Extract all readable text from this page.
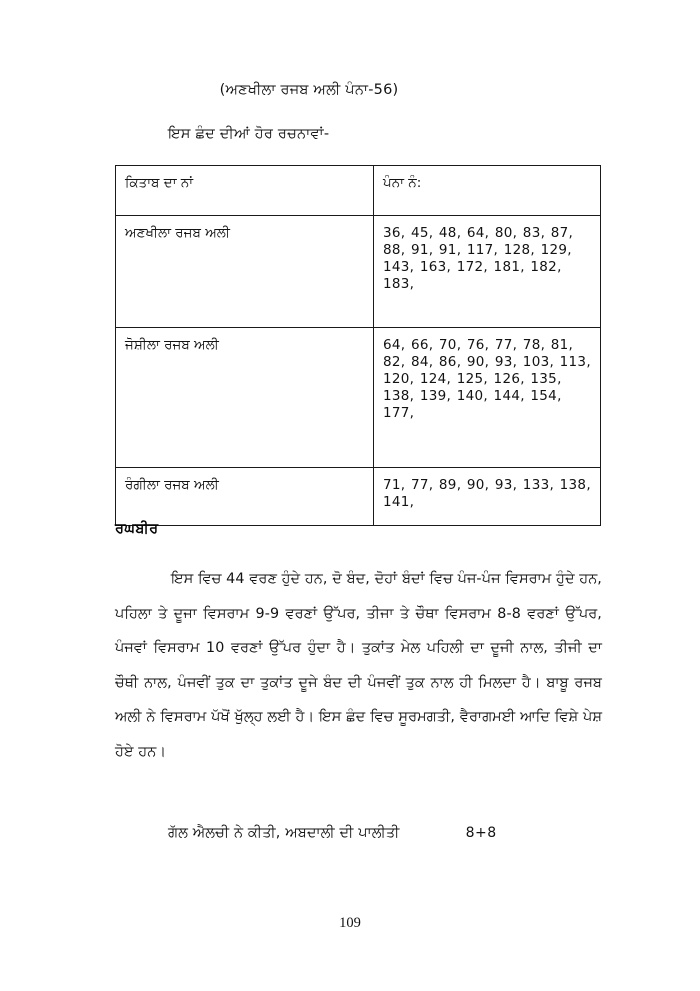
(ਅਣਖੀਲਾ ਰਜਬ ਅਲੀ ਪੰਨਾ-56)
ਇਸ ਛੰਦ ਦੀਆਂ ਹੋਰ ਰਚਨਾਵਾਂ-
ਕਿਤਾਬ ਦਾ ਨਾਂ	ਪੰਨਾ ਨੰ:
ਅਣਖੀਲਾ ਰਜਬ ਅਲੀ	36, 45, 48, 64, 80, 83, 87, 88, 91, 91, 117, 128, 129, 143, 163, 172, 181, 182, 183,
ਜੋਸ਼ੀਲਾ ਰਜਬ ਅਲੀ	64, 66, 70, 76, 77, 78, 81, 82, 84, 86, 90, 93, 103, 113, 120, 124, 125, 126, 135, 138, 139, 140, 144, 154, 177,
ਰੰਗੀਲਾ ਰਜਬ ਅਲੀ	71, 77, 89, 90, 93, 133, 138, 141,
ਰਘਬੀਰ
ਇਸ ਵਿਚ 44 ਵਰਣ ਹੁੰਦੇ ਹਨ, ਦੋ ਬੰਦ, ਦੋਹਾਂ ਬੰਦਾਂ ਵਿਚ ਪੰਜ-ਪੰਜ ਵਿਸਰਾਮ ਹੁੰਦੇ ਹਨ, ਪਹਿਲਾ ਤੇ ਦੂਜਾ ਵਿਸਰਾਮ 9-9 ਵਰਣਾਂ ਉੱਪਰ, ਤੀਜਾ ਤੇ ਚੌਥਾ ਵਿਸਰਾਮ 8-8 ਵਰਣਾਂ ਉੱਪਰ, ਪੰਜਵਾਂ ਵਿਸਰਾਮ 10 ਵਰਣਾਂ ਉੱਪਰ ਹੁੰਦਾ ਹੈ। ਤੁਕਾਂਤ ਮੇਲ ਪਹਿਲੀ ਦਾ ਦੂਜੀ ਨਾਲ, ਤੀਜੀ ਦਾ ਚੌਥੀ ਨਾਲ, ਪੰਜਵੀਂ ਤੁਕ ਦਾ ਤੁਕਾਂਤ ਦੂਜੇ ਬੰਦ ਦੀ ਪੰਜਵੀਂ ਤੁਕ ਨਾਲ ਹੀ ਮਿਲਦਾ ਹੈ। ਬਾਬੂ ਰਜਬ ਅਲੀ ਨੇ ਵਿਸਰਾਮ ਪੱਖੋਂ ਖੁੱਲ੍ਹ ਲਈ ਹੈ। ਇਸ ਛੰਦ ਵਿਚ ਸੂਰਮਗਤੀ, ਵੈਰਾਗਮਈ ਆਦਿ ਵਿਸ਼ੇ ਪੇਸ਼ ਹੋਏ ਹਨ।
ਗੱਲ ਐਲਚੀ ਨੇ ਕੀਤੀ, ਅਬਦਾਲੀ ਦੀ ਪਾਲੀਤੀ	8+8
109
